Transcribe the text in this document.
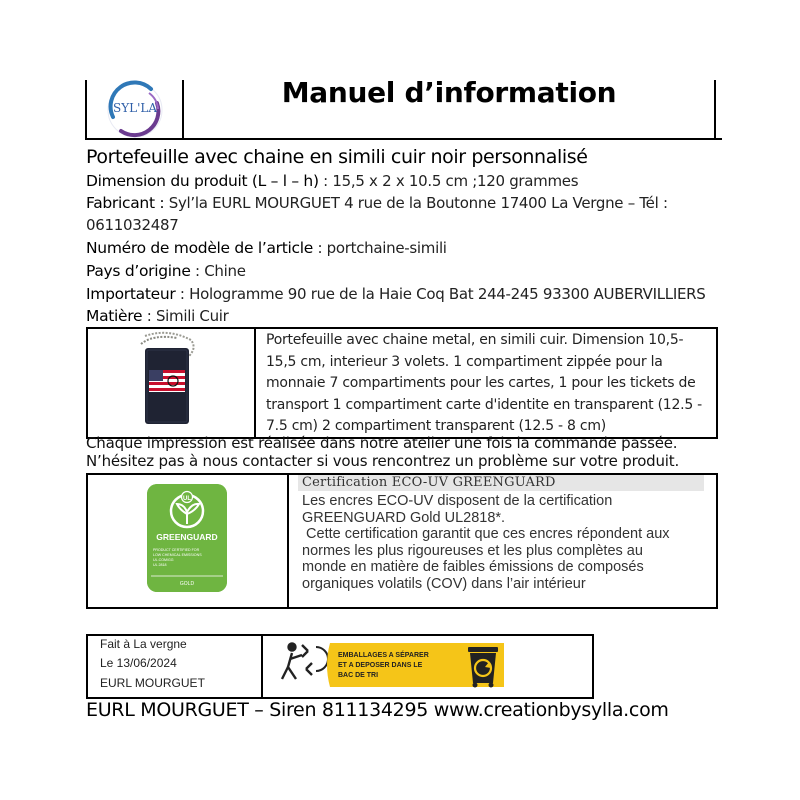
SYL'LA	Manuel d’information
Portefeuille avec chaine en simili cuir noir personnalisé
Dimension du produit (L – l – h) : 15,5 x 2 x 10.5 cm ;120 grammes
Fabricant : Syl’la EURL MOURGUET 4 rue de la Boutonne 17400 La Vergne – Tél :
0611032487
Numéro de modèle de l’article : portchaine-simili
Pays d’origine : Chine
Importateur : Hologramme 90 rue de la Haie Coq Bat 244-245 93300 AUBERVILLIERS
Matière : Simili Cuir
Portefeuille avec chaine metal, en simili cuir. Dimension 10,5-
15,5 cm, interieur 3 volets. 1 compartiment zippée pour la
monnaie 7 compartiments pour les cartes, 1 pour les tickets de
transport 1 compartiment carte d'identite en transparent (12.5 -
7.5 cm) 2 compartiment transparent (12.5 - 8 cm)
Chaque impression est réalisée dans notre atelier une fois la commande passée.
N’hésitez pas à nous contacter si vous rencontrez un problème sur votre produit.
UL
GREENGUARD
PRODUCT CERTIFIED FOR
LOW CHEMICAL EMISSIONS
UL.COM/GG
UL 2818
GOLD
Certification ECO-UV GREENGUARD
Les encres ECO-UV disposent de la certification
GREENGUARD Gold UL2818*.
Cette certification garantit que ces encres répondent aux
normes les plus rigoureuses et les plus complètes au
monde en matière de faibles émissions de composés
organiques volatils (COV) dans l’air intérieur
Fait à La vergne
Le 13/06/2024
EURL MOURGUET
EMBALLAGES A SÉPARER
ET A DEPOSER DANS LE
BAC DE TRI
EURL MOURGUET – Siren 811134295 www.creationbysylla.com
